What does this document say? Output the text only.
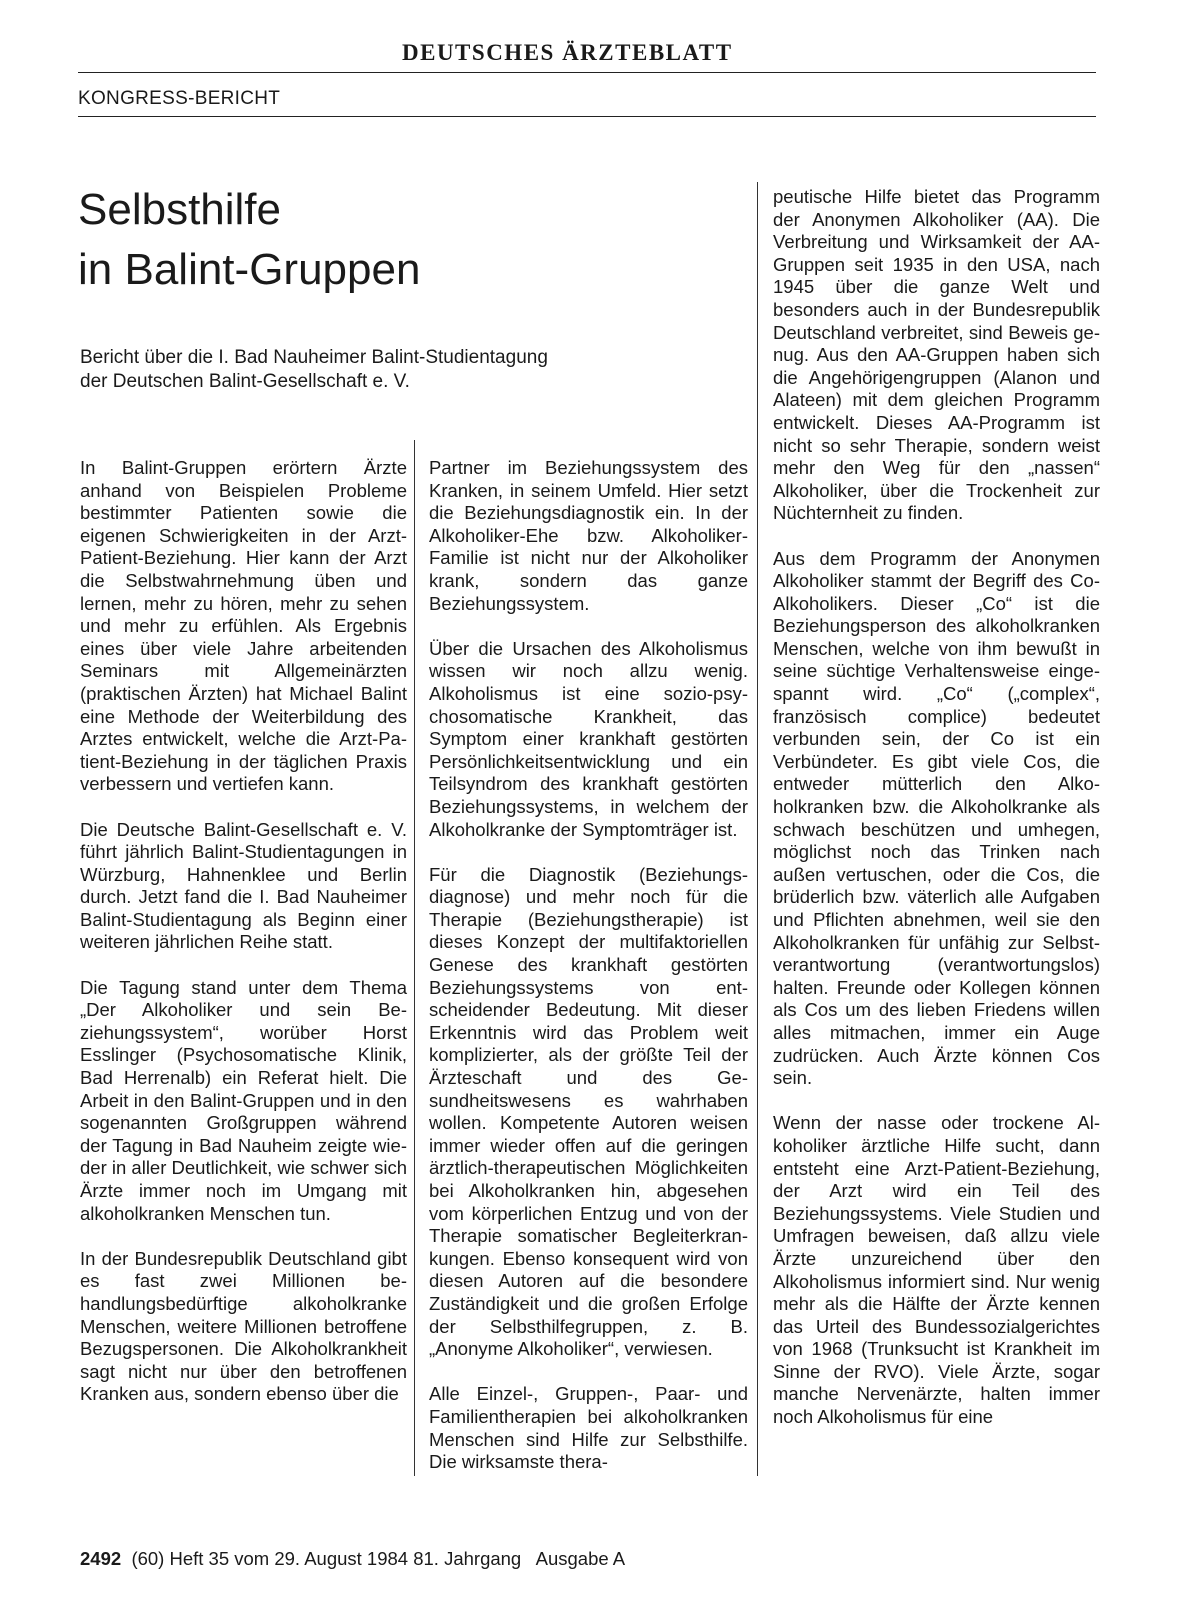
DEUTSCHES ÄRZTEBLATT
KONGRESS-BERICHT
Selbsthilfe
in Balint-Gruppen
Bericht über die I. Bad Nauheimer Balint-Studientagung
der Deutschen Balint-Gesellschaft e. V.

In Balint-Gruppen erörtern Ärzte anhand von Beispielen Probleme bestimmter Patienten sowie die eigenen Schwierigkeiten in der Arzt-Patient-Beziehung. Hier kann der Arzt die Selbstwahrnehmung üben und lernen, mehr zu hören, mehr zu sehen und mehr zu erfühlen. Als Ergebnis eines über viele Jahre arbeitenden Seminars mit Allgemeinärzten (praktischen Ärzten) hat Michael Balint eine Methode der Weiterbildung des Arztes entwickelt, welche die Arzt-Patient-Beziehung in der täglichen Praxis verbessern und vertiefen kann.

Die Deutsche Balint-Gesellschaft e. V. führt jährlich Balint-Studientagungen in Würzburg, Hahnenklee und Berlin durch. Jetzt fand die I. Bad Nauheimer Balint-Studientagung als Beginn einer weiteren jährlichen Reihe statt.

Die Tagung stand unter dem Thema „Der Alkoholiker und sein Beziehungssystem“, worüber Horst Esslinger (Psychosomatische Klinik, Bad Herrenalb) ein Referat hielt. Die Arbeit in den Balint-Gruppen und in den sogenannten Großgruppen während der Tagung in Bad Nauheim zeigte wieder in aller Deutlichkeit, wie schwer sich Ärzte immer noch im Umgang mit alkoholkranken Menschen tun.

In der Bundesrepublik Deutschland gibt es fast zwei Millionen behandlungsbedürftige alkoholkranke Menschen, weitere Millionen betroffene Bezugspersonen. Die Alkoholkrankheit sagt nicht nur über den betroffenen Kranken aus, sondern ebenso über die

Partner im Beziehungssystem des Kranken, in seinem Umfeld. Hier setzt die Beziehungsdiagnostik ein. In der Alkoholiker-Ehe bzw. Alkoholiker-Familie ist nicht nur der Alkoholiker krank, sondern das ganze Beziehungssystem.

Über die Ursachen des Alkoholismus wissen wir noch allzu wenig. Alkoholismus ist eine sozio-psychosomatische Krankheit, das Symptom einer krankhaft gestörten Persönlichkeitsentwicklung und ein Teilsyndrom des krankhaft gestörten Beziehungssystems, in welchem der Alkoholkranke der Symptomträger ist.

Für die Diagnostik (Beziehungsdiagnose) und mehr noch für die Therapie (Beziehungstherapie) ist dieses Konzept der multifaktoriellen Genese des krankhaft gestörten Beziehungssystems von entscheidender Bedeutung. Mit dieser Erkenntnis wird das Problem weit komplizierter, als der größte Teil der Ärzteschaft und des Gesundheitswesens es wahrhaben wollen. Kompetente Autoren weisen immer wieder offen auf die geringen ärztlich-therapeutischen Möglichkeiten bei Alkoholkranken hin, abgesehen vom körperlichen Entzug und von der Therapie somatischer Begleiterkrankungen. Ebenso konsequent wird von diesen Autoren auf die besondere Zuständigkeit und die großen Erfolge der Selbsthilfegruppen, z. B. „Anonyme Alkoholiker“, verwiesen.

Alle Einzel-, Gruppen-, Paar- und Familientherapien bei alkoholkranken Menschen sind Hilfe zur Selbsthilfe. Die wirksamste thera-

peutische Hilfe bietet das Programm der Anonymen Alkoholiker (AA). Die Verbreitung und Wirksamkeit der AA-Gruppen seit 1935 in den USA, nach 1945 über die ganze Welt und besonders auch in der Bundesrepublik Deutschland verbreitet, sind Beweis genug. Aus den AA-Gruppen haben sich die Angehörigengruppen (Alanon und Alateen) mit dem gleichen Programm entwickelt. Dieses AA-Programm ist nicht so sehr Therapie, sondern weist mehr den Weg für den „nassen“ Alkoholiker, über die Trockenheit zur Nüchternheit zu finden.

Aus dem Programm der Anonymen Alkoholiker stammt der Begriff des Co-Alkoholikers. Dieser „Co“ ist die Beziehungsperson des alkoholkranken Menschen, welche von ihm bewußt in seine süchtige Verhaltensweise eingespannt wird. „Co“ („complex“, französisch complice) bedeutet verbunden sein, der Co ist ein Verbündeter. Es gibt viele Cos, die entweder mütterlich den Alkoholkranken bzw. die Alkoholkranke als schwach beschützen und umhegen, möglichst noch das Trinken nach außen vertuschen, oder die Cos, die brüderlich bzw. väterlich alle Aufgaben und Pflichten abnehmen, weil sie den Alkoholkranken für unfähig zur Selbstverantwortung (verantwortungslos) halten. Freunde oder Kollegen können als Cos um des lieben Friedens willen alles mitmachen, immer ein Auge zudrücken. Auch Ärzte können Cos sein.

Wenn der nasse oder trockene Alkoholiker ärztliche Hilfe sucht, dann entsteht eine Arzt-Patient-Beziehung, der Arzt wird ein Teil des Beziehungssystems. Viele Studien und Umfragen beweisen, daß allzu viele Ärzte unzureichend über den Alkoholismus informiert sind. Nur wenig mehr als die Hälfte der Ärzte kennen das Urteil des Bundessozialgerichtes von 1968 (Trunksucht ist Krankheit im Sinne der RVO). Viele Ärzte, sogar manche Nervenärzte, halten immer noch Alkoholismus für eine

2492 (60) Heft 35 vom 29. August 1984 81. Jahrgang Ausgabe A
